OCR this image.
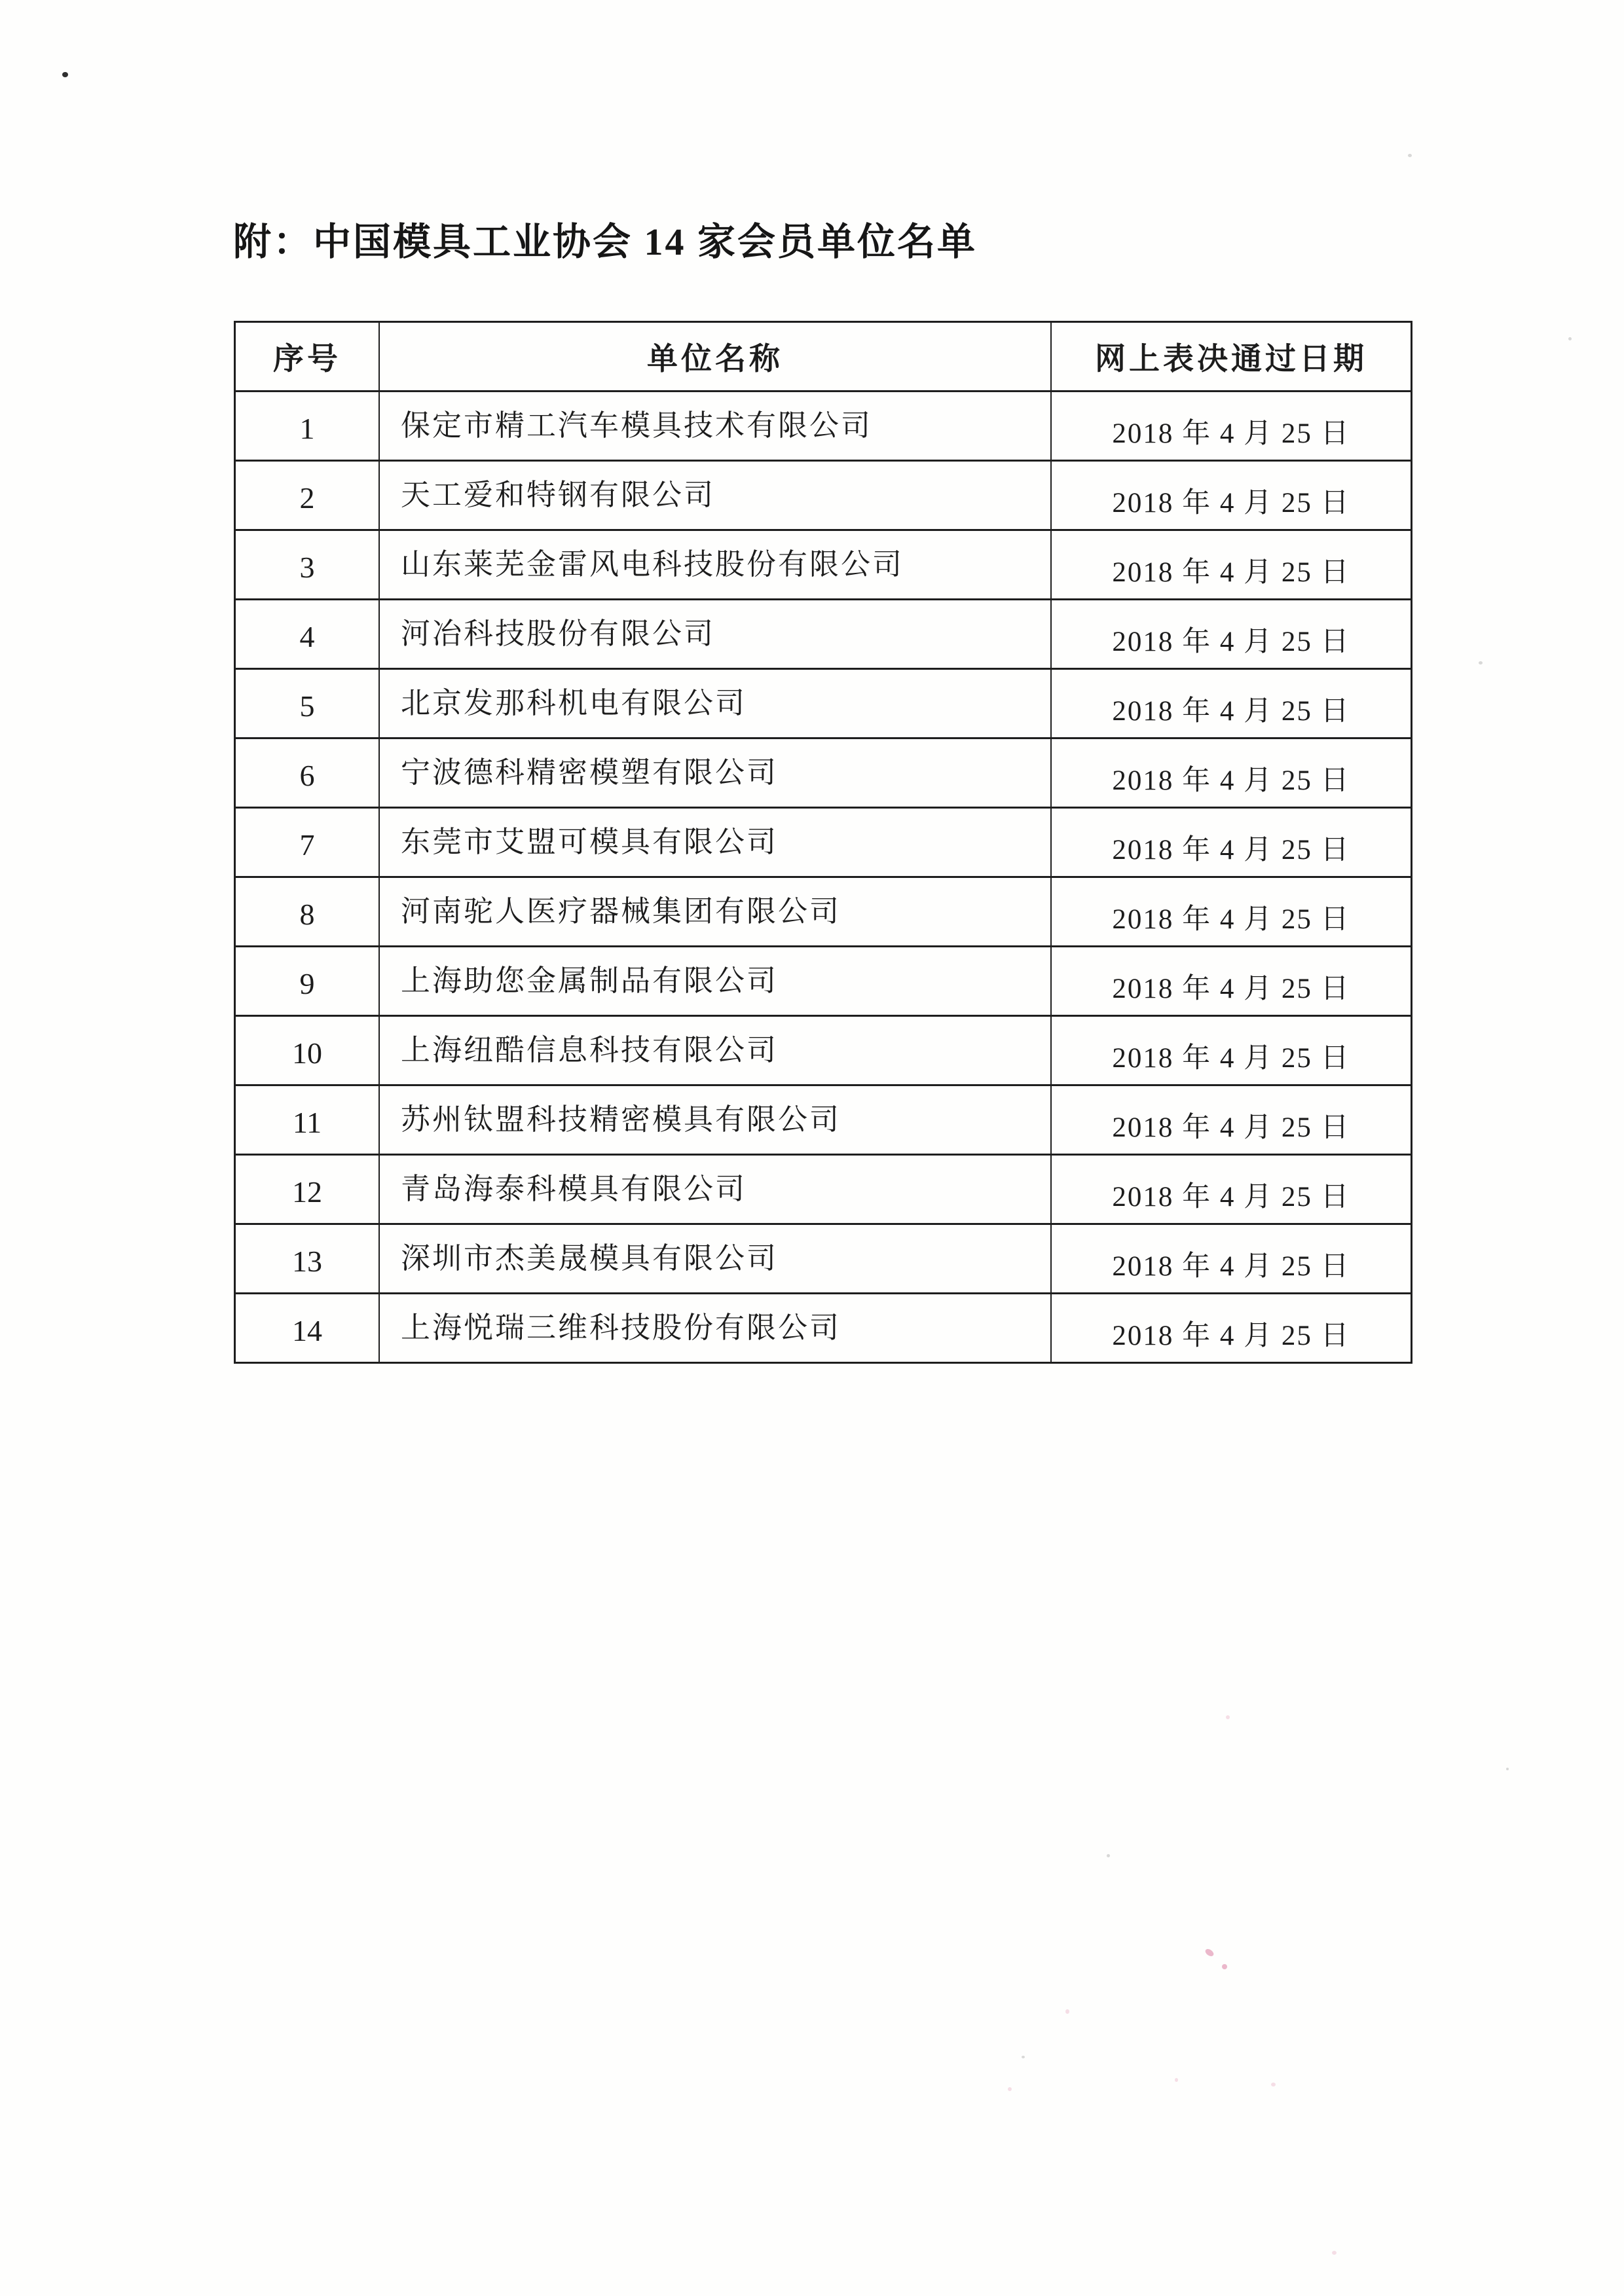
附：中国模具工业协会 14 家会员单位名单
序号	单位名称	网上表决通过日期
1	保定市精工汽车模具技术有限公司	2018 年 4 月 25 日
2	天工爱和特钢有限公司	2018 年 4 月 25 日
3	山东莱芜金雷风电科技股份有限公司	2018 年 4 月 25 日
4	河冶科技股份有限公司	2018 年 4 月 25 日
5	北京发那科机电有限公司	2018 年 4 月 25 日
6	宁波德科精密模塑有限公司	2018 年 4 月 25 日
7	东莞市艾盟可模具有限公司	2018 年 4 月 25 日
8	河南驼人医疗器械集团有限公司	2018 年 4 月 25 日
9	上海助您金属制品有限公司	2018 年 4 月 25 日
10	上海纽酷信息科技有限公司	2018 年 4 月 25 日
11	苏州钛盟科技精密模具有限公司	2018 年 4 月 25 日
12	青岛海泰科模具有限公司	2018 年 4 月 25 日
13	深圳市杰美晟模具有限公司	2018 年 4 月 25 日
14	上海悦瑞三维科技股份有限公司	2018 年 4 月 25 日
